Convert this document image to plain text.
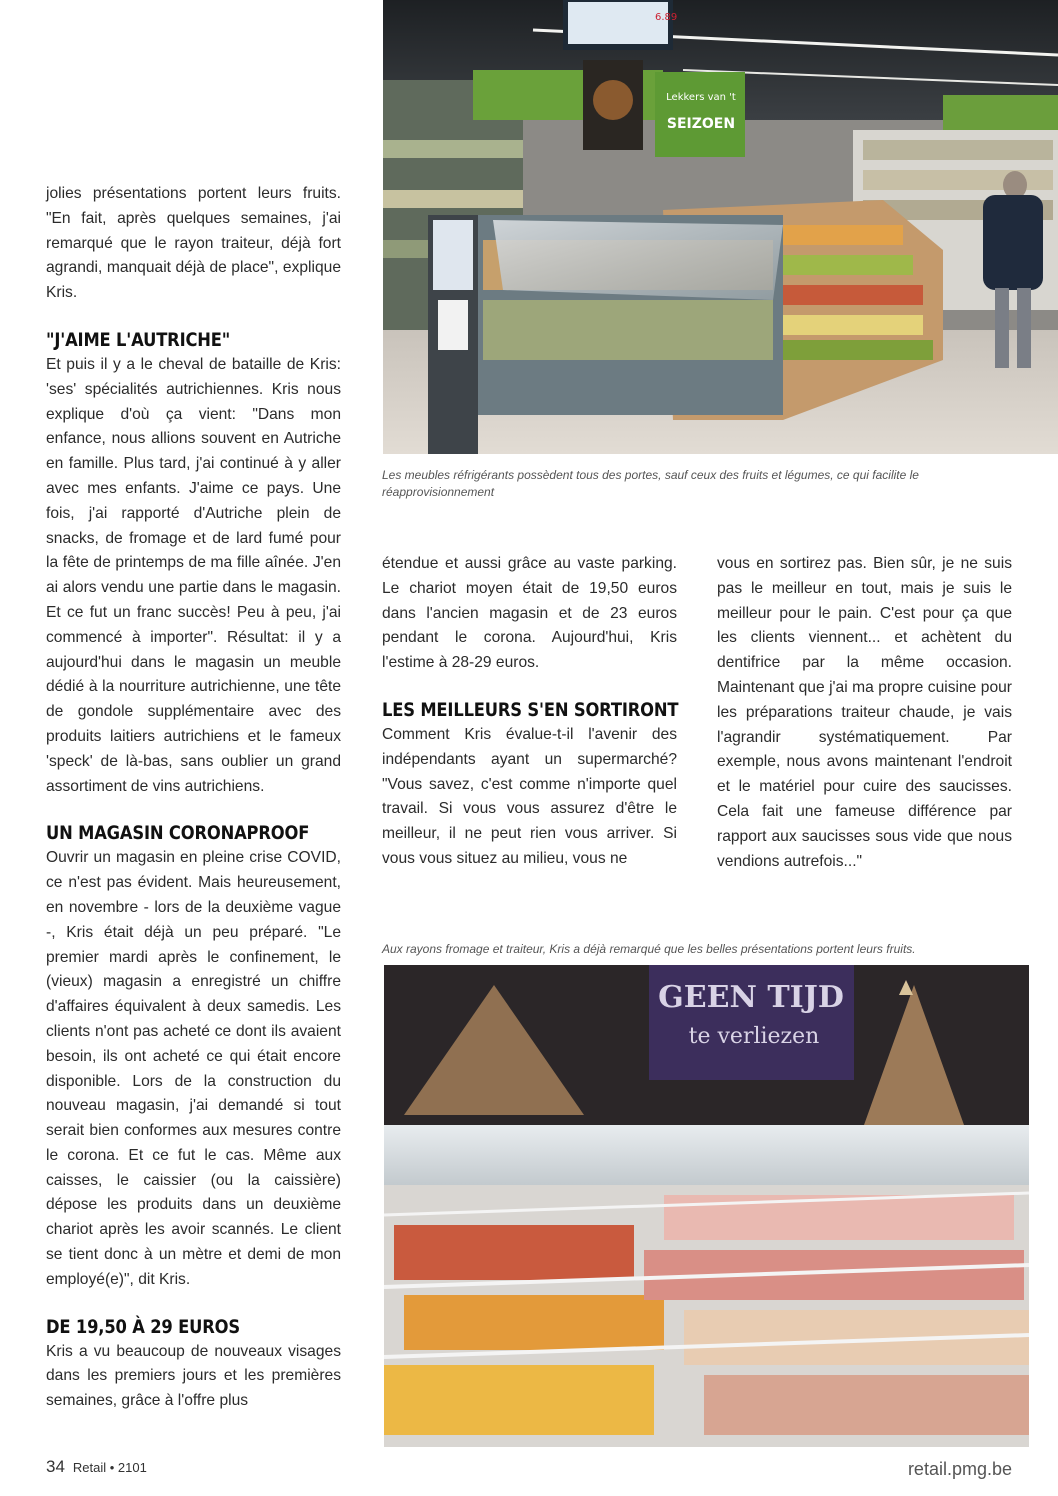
jolies présentations portent leurs fruits. "En fait, après quelques semaines, j'ai remarqué que le rayon traiteur, déjà fort agrandi, manquait déjà de place", explique Kris.

"J'AIME L'AUTRICHE"

Et puis il y a le cheval de bataille de Kris: 'ses' spécialités autrichiennes. Kris nous explique d'où ça vient: "Dans mon enfance, nous allions souvent en Autriche en famille. Plus tard, j'ai continué à y aller avec mes enfants. J'aime ce pays. Une fois, j'ai rapporté d'Autriche plein de snacks, de fromage et de lard fumé pour la fête de printemps de ma fille aînée. J'en ai alors vendu une partie dans le magasin. Et ce fut un franc succès! Peu à peu, j'ai commencé à importer". Résultat: il y a aujourd'hui dans le magasin un meuble dédié à la nourriture autrichienne, une tête de gondole supplémentaire avec des produits laitiers autrichiens et le fameux 'speck' de là-bas, sans oublier un grand assortiment de vins autrichiens.

UN MAGASIN CORONAPROOF

Ouvrir un magasin en pleine crise COVID, ce n'est pas évident. Mais heureusement, en novembre - lors de la deuxième vague -, Kris était déjà un peu préparé. "Le premier mardi après le confinement, le (vieux) magasin a enregistré un chiffre d'affaires équivalent à deux samedis. Les clients n'ont pas acheté ce dont ils avaient besoin, ils ont acheté ce qui était encore disponible. Lors de la construction du nouveau magasin, j'ai demandé si tout serait bien conformes aux mesures contre le corona. Et ce fut le cas. Même aux caisses, le caissier (ou la caissière) dépose les produits dans un deuxième chariot après les avoir scannés. Le client se tient donc à un mètre et demi de mon employé(e)", dit Kris.

DE 19,50 À 29 EUROS

Kris a vu beaucoup de nouveaux visages dans les premiers jours et les premières semaines, grâce à l'offre plus

étendue et aussi grâce au vaste parking. Le chariot moyen était de 19,50 euros dans l'ancien magasin et de 23 euros pendant le corona. Aujourd'hui, Kris l'estime à 28-29 euros.

LES MEILLEURS S'EN SORTIRONT

Comment Kris évalue-t-il l'avenir des indépendants ayant un supermarché? "Vous savez, c'est comme n'importe quel travail. Si vous vous assurez d'être le meilleur, il ne peut rien vous arriver. Si vous vous situez au milieu, vous ne

vous en sortirez pas. Bien sûr, je ne suis pas le meilleur en tout, mais je suis le meilleur pour le pain. C'est pour ça que les clients viennent... et achètent du dentifrice par la même occasion. Maintenant que j'ai ma propre cuisine pour les préparations traiteur chaude, je vais l'agrandir systématiquement. Par exemple, nous avons maintenant l'endroit et le matériel pour cuire des saucisses. Cela fait une fameuse différence par rapport aux saucisses sous vide que nous vendions autrefois..."

Lekkers van 't
SEIZOEN
6.89
Les meubles réfrigérants possèdent tous des portes, sauf ceux des fruits et légumes, ce qui facilite le réapprovisionnement
Aux rayons fromage et traiteur, Kris a déjà remarqué que les belles présentations portent leurs fruits.
GEEN TIJD
te verliezen
34 Retail • 2101	retail.pmg.be
